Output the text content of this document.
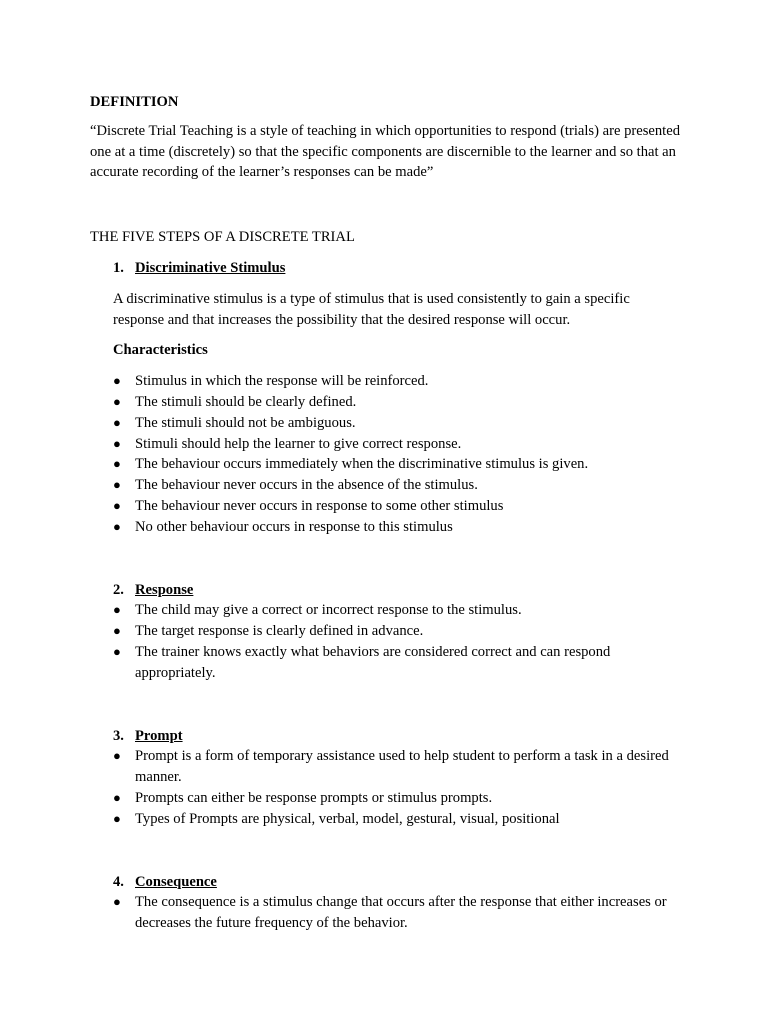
DEFINITION

“Discrete Trial Teaching is a style of teaching in which opportunities to respond (trials) are presented one at a time (discretely) so that the specific components are discernible to the learner and so that an accurate recording of the learner’s responses can be made”

THE FIVE STEPS OF A DISCRETE TRIAL
1. Discriminative Stimulus

A discriminative stimulus is a type of stimulus that is used consistently to gain a specific response and that increases the possibility that the desired response will occur.

Characteristics
● Stimulus in which the response will be reinforced.
● The stimuli should be clearly defined.
● The stimuli should not be ambiguous.
● Stimuli should help the learner to give correct response.
● The behaviour occurs immediately when the discriminative stimulus is given.
● The behaviour never occurs in the absence of the stimulus.
● The behaviour never occurs in response to some other stimulus
● No other behaviour occurs in response to this stimulus
2. Response
● The child may give a correct or incorrect response to the stimulus.
● The target response is clearly defined in advance.
● The trainer knows exactly what behaviors are considered correct and can respond appropriately.
3. Prompt
● Prompt is a form of temporary assistance used to help student to perform a task in a desired manner.
● Prompts can either be response prompts or stimulus prompts.
● Types of Prompts are physical, verbal, model, gestural, visual, positional
4. Consequence
● The consequence is a stimulus change that occurs after the response that either increases or decreases the future frequency of the behavior.
